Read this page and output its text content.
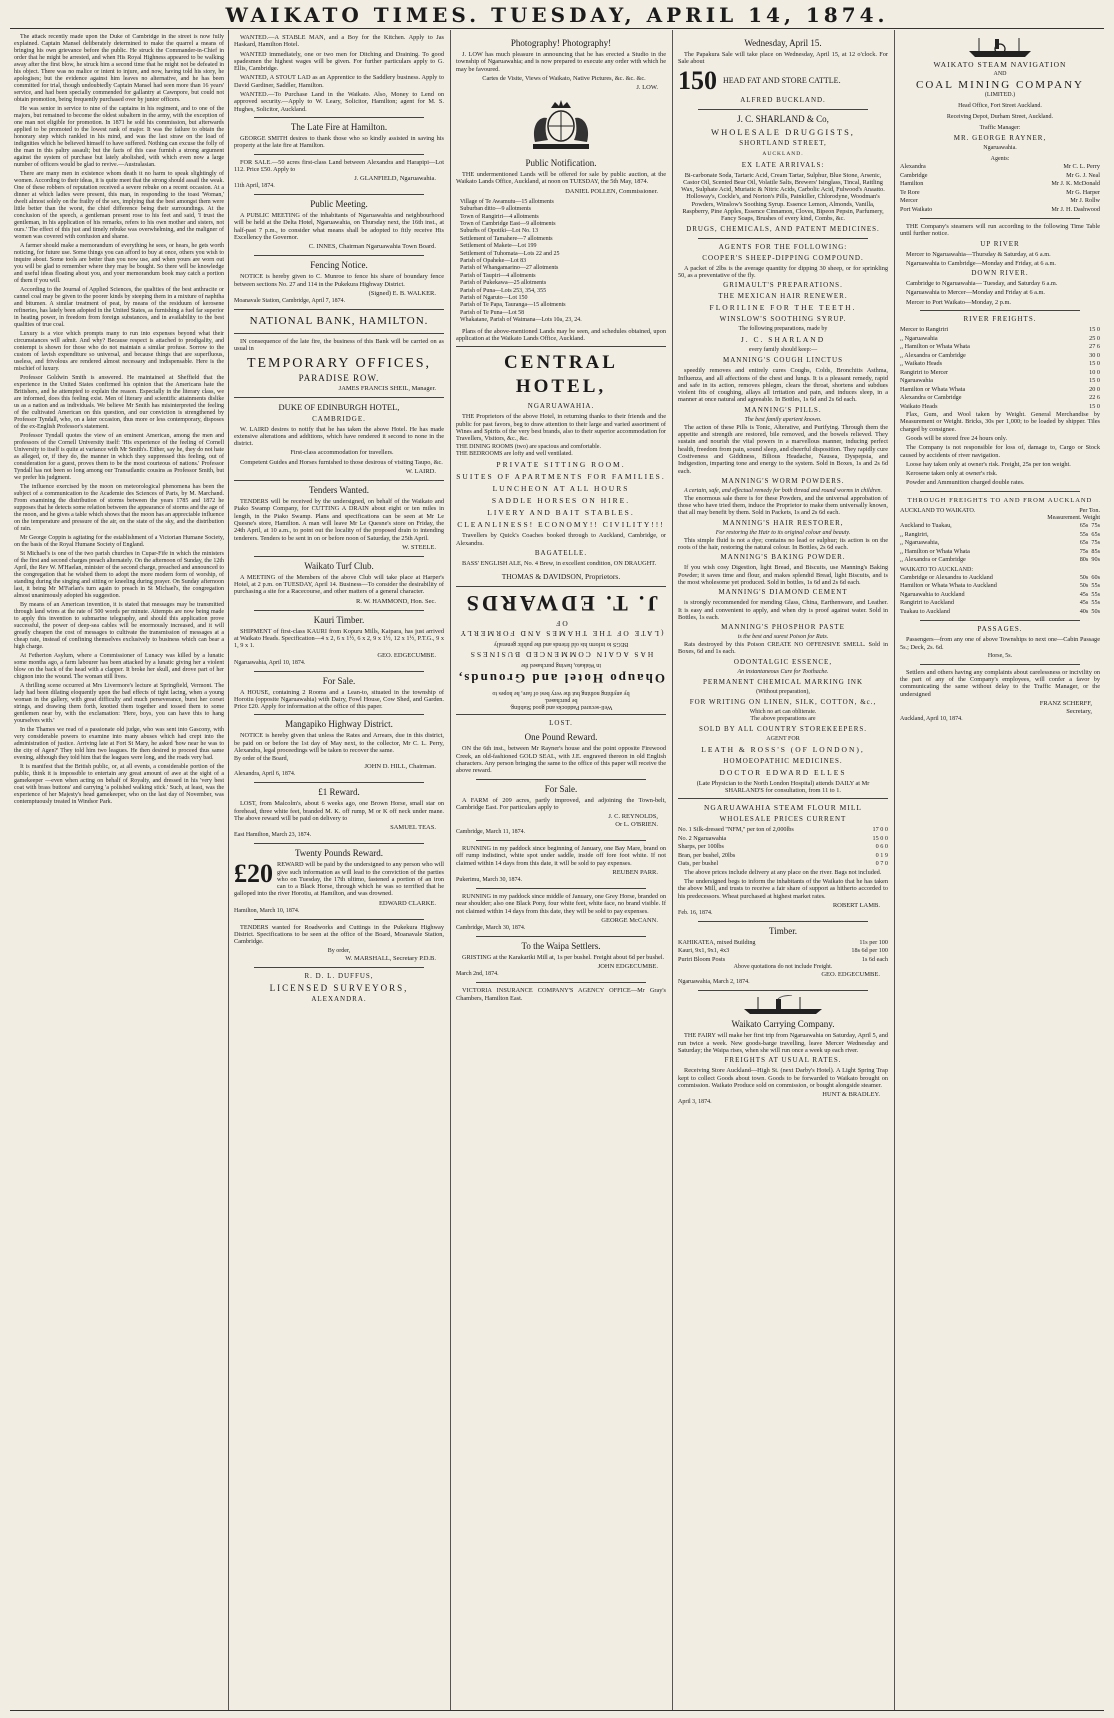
WAIKATO TIMES. TUESDAY, APRIL 14, 1874.

The attack recently made upon the Duke of Cambridge in the street is now fully explained. Captain Mansel deliberately determined to make the quarrel a means of bringing his own grievance before the public. He struck the Commander-in-Chief in order that he might be arrested, and when His Royal Highness appeared to be walking away after the first blow, he struck him a second time that he might not be defeated in his object. There was no malice or intent to injure, and now, having told his story, he apologises; but the evidence against him leaves no alternative, and he has been committed for trial, though undoubtedly Captain Mansel had seen more than 16 years' service, and had been specially commended for gallantry at Cawnpore, but could not obtain promotion, being frequently purchased over by junior officers.

He was senior in service to nine of the captains in his regiment, and to one of the majors, but remained to become the oldest subaltern in the army, with the exception of one man not eligible for promotion. In 1871 he sold his commission, but afterwards applied to be promoted to the lowest rank of major. It was the failure to obtain the honorary step which rankled in his mind, and was the last straw on the load of indignities which he believed himself to have suffered. Nothing can excuse the folly of the man in this paltry assault; but the facts of this case furnish a strong argument against the system of purchase but lately abolished, with which even now a large number of officers would be glad to revive.—Australasian.

There are many men in existence whom death it no harm to speak slightingly of women. According to their ideas, it is quite meet that the strong should assail the weak. One of these robbers of reputation received a severe rebuke on a recent occasion. At a dinner at which ladies were present, this man, in responding to the toast 'Woman,' dwelt almost solely on the frailty of the sex, implying that the best amongst them were little better than the worst, the chief difference being their surroundings. At the conclusion of the speech, a gentleman present rose to his feet and said, 'I trust the gentleman, in his application of his remarks, refers to his own mother and sisters, not ours.' The effect of this just and timely rebuke was overwhelming, and the maligner of women was covered with confusion and shame.

A farmer should make a memorandum of everything he sees, or hears, he gets worth noticing, for future use. Some things you can afford to buy at once, others you wish to inquire about. Some tools are better than you now use, and when yours are worn out you will be glad to remember where they may be bought. So there will be knowledge and useful ideas floating about you, and your memorandum book may catch a portion of them if you will.

According to the Journal of Applied Sciences, the qualities of the best anthracite or cannel coal may be given to the poorer kinds by steeping them in a mixture of naphtha and bitumen. A similar treatment of peat, by means of the residuum of kerosene refineries, has lately been adopted in the United States, as furnishing a fuel far superior in heating power, in freedom from foreign substances, and in availability to the best qualities of true coal.

Luxury is a vice which prompts many to run into expenses beyond what their circumstances will admit. And why? Because respect is attached to prodigality, and contempt is shown for those who do not maintain a similar profuse. Sorrow to the custom of lavish expenditure so universal, and because things that are superfluous, useless, and frivolous are rendered almost necessary and indispensable. Here is the mischief of luxury.

Professor Goldwin Smith is answered. He maintained at Sheffield that the experience in the United States confirmed his opinion that the Americans hate the Britishers, and he attempted to explain the reason. Especially in the literary class, we are informed, does this feeling exist. Men of literary and scientific attainments dislike us as a nation and as individuals. We believe Mr Smith has misinterpreted the feeling of the cultivated American on this question, and our conviction is strengthened by Professor Tyndall, who, on a later occasion, thus more or less contemporary, disposes of the ex-English Professor's statement.

Professor Tyndall quotes the view of an eminent American, among the men and professors of the Cornell University itself: 'His experience of the feeling of Cornell University to itself is quite at variance with Mr Smith's. Either, say he, they do not hate as alleged, or, if they do, the manner in which they suppressed this feeling, out of consideration for a guest, proves them to be the most courteous of nations.' Professor Tyndall has not been so long among our Transatlantic cousins as Professor Smith, but we prefer his judgment.

The influence exercised by the moon on meteorological phenomena has been the subject of a communication to the Academie des Sciences of Paris, by M. Marchand. From examining the distribution of storms between the years 1785 and 1872 he supposes that he detects some relation between the appearance of storms and the age of the moon, and he gives a table which shows that the moon has an appreciable influence on the temperature and pressure of the air, on the state of the sky, and the distribution of rain.

Mr George Coppin is agitating for the establishment of a Victorian Humane Society, on the basis of the Royal Humane Society of England.

St Michael's is one of the two parish churches in Cupar-Fife in which the ministers of the first and second charges preach alternately. On the afternoon of Sunday, the 12th April, the Rev W. M'Haelan, minister of the second charge, preached and announced to the congregation that he wished them to adopt the more modern form of worship, of standing during the singing and sitting or kneeling during prayer. On Sunday afternoon last, it being Mr M'Farlan's turn again to preach in St Michael's, the congregation almost unanimously adopted his suggestion.

By means of an American invention, it is stated that messages may be transmitted through land wires at the rate of 500 words per minute. Attempts are now being made to apply this invention to submarine telegraphy, and should this application prove successful, the power of deep-sea cables will be enormously increased, and it will greatly cheapen the cost of messages to cultivate the transmission of messages at a cheap rate, instead of confining themselves exclusively to business which can bear a high charge.

At Fetherton Asylum, where a Commissioner of Lunacy was killed by a lunatic some months ago, a farm labourer has been attacked by a lunatic giving her a violent blow on the back of the head with a clapper. It broke her skull, and drove part of her chignon into the wound. The woman still lives.

A thrilling scene occurred at Mrs Livermore's lecture at Springfield, Vermont. The lady had been dilating eloquently upon the bad effects of tight lacing, when a young woman in the gallery, with great difficulty and much perseverance, burst her corset strings, and drawing them forth, knotted them together and tossed them to some gentlemen near by, with the exclamation: 'Here, boys, you can have this to hang yourselves with.'

In the Thames we read of a passionate old judge, who was sent into Gascony, with very considerable powers to examine into many abuses which had crept into the administration of justice. Arriving late at Fort St Mary, he asked 'how near he was to the city of Agen?' They told him two leagues. He then desired to proceed thus same evening, although they told him that the leagues were long, and the roads very bad.

It is manifest that the British public, or, at all events, a considerable portion of the public, think it is impossible to entertain any great amount of awe at the sight of a gamekeeper —even when acting on behalf of Royalty, and dressed in his 'very best coat with brass buttons' and carrying 'a polished walking stick.' Such, at least, was the experience of her Majesty's head gamekeeper, who on the last day of November, was contemptuously treated in Windsor Park.

WANTED.—A STABLE MAN, and a Boy for the Kitchen. Apply to Jas Haskard, Hamilton Hotel.

WANTED immediately, one or two men for Ditching and Draining. To good spadesmen the highest wages will be given. For further particulars apply to G. Ellis, Cambridge.

WANTED, A STOUT LAD as an Apprentice to the Saddlery business. Apply to David Gardiner, Saddler, Hamilton.

WANTED.—To Purchase Land in the Waikato. Also, Money to Lend on approved security.—Apply to W. Leary, Solicitor, Hamilton; agent for M. S. Hughes, Solicitor, Auckland.

The Late Fire at Hamilton.

GEORGE SMITH desires to thank those who so kindly assisted in saving his property at the late fire at Hamilton.

FOR SALE.—50 acres first-class Land between Alexandra and Harapipi—Lot 112. Price £50. Apply to

J. GLANFIELD, Ngaruawahia.
11th April, 1874.
Public Meeting.

A PUBLIC MEETING of the inhabitants of Ngaruawahia and neighbourhood will be held at the Delta Hotel, Ngaruawahia, on Thursday next, the 16th inst., at half-past 7 p.m., to consider what means shall be adopted to fitly receive His Excellency the Governor.

C. INNES, Chairman Ngaruawahia Town Board.
Fencing Notice.

NOTICE is hereby given to C. Munroe to fence his share of boundary fence between sections No. 27 and 114 in the Pukekura Highway District.

(Signed) E. B. WALKER.
Moanavale Station, Cambridge, April 7, 1874.
NATIONAL BANK, HAMILTON.

IN consequence of the late fire, the business of this Bank will be carried on as usual in

TEMPORARY OFFICES,
PARADISE ROW.
JAMES FRANCIS SHEIL, Manager.
DUKE OF EDINBURGH HOTEL,
CAMBRIDGE.

W. LAIRD desires to notify that he has taken the above Hotel. He has made extensive alterations and additions, which have rendered it second to none in the district.

First-class accommodation for travellers.

Competent Guides and Horses furnished to those desirous of visiting Taupo, &c.

W. LAIRD.
Tenders Wanted.

TENDERS will be received by the undersigned, on behalf of the Waikato and Piako Swamp Company, for CUTTING A DRAIN about eight or ten miles in length, in the Piako Swamp. Plans and specifications can be seen at Mr Le Quesne's store, Hamilton. A man will leave Mr Le Quesne's store on Friday, the 24th April, at 10 a.m., to point out the locality of the proposed drain to intending tenderers. Tenders to be sent in on or before noon of Saturday, the 25th April.

W. STEELE.
Waikato Turf Club.

A MEETING of the Members of the above Club will take place at Harper's Hotel, at 2 p.m. on TUESDAY, April 14. Business—To consider the desirability of purchasing a site for a Racecourse, and other matters of a general character.

R. W. HAMMOND, Hon. Sec.
Kauri Timber.

SHIPMENT of first-class KAURI from Kopuru Mills, Kaipara, has just arrived at Waikato Heads. Specification—4 x 2, 6 x 1½, 6 x 2, 9 x 1½, 12 x 1½, P.T.G., 9 x 1, 9 x 1.

GEO. EDGECUMBE.
Ngaruawahia, April 10, 1874.
For Sale.

A HOUSE, containing 2 Rooms and a Lean-to, situated in the township of Horotiu (opposite Ngaruawahia) with Dairy, Fowl House, Cow Shed, and Garden. Price £20. Apply for information at the office of this paper.

Mangapiko Highway District.

NOTICE is hereby given that unless the Rates and Arrears, due in this district, be paid on or before the 1st day of May next, to the collector, Mr C. L. Perry, Alexandra, legal proceedings will be taken to recover the same.

By order of the Board,
JOHN D. HILL, Chairman.
Alexandra, April 6, 1874.
£1 Reward.

LOST, from Malcolm's, about 6 weeks ago, one Brown Horse, small star on forehead, three white feet, branded M. K. off rump, M or K off neck under mane. The above reward will be paid on delivery to

SAMUEL TEAS.
East Hamilton, March 23, 1874.
Twenty Pounds Reward.
£20 REWARD will be paid by the undersigned to any person who will give such information as will lead to the conviction of the parties who on Tuesday, the 17th ultimo, fastened a portion of an iron can to a Black Horse, through which he was so terrified that he galloped into the river Horotiu, at Hamilton, and was drowned.

EDWARD CLARKE.
Hamilton, March 10, 1874.

TENDERS wanted for Roadworks and Cuttings in the Pukekura Highway District. Specifications to be seen at the office of the Board, Moanavale Station, Cambridge.

By order,
W. MARSHALL, Secretary P.D.B.
R. D. L. DUFFUS,
LICENSED SURVEYORS,
ALEXANDRA.
Photography! Photography!

J. LOW has much pleasure in announcing that he has erected a Studio in the township of Ngaruawahia; and is now prepared to execute any order with which he may be favoured.

Cartes de Visite, Views of Waikato, Native Pictures, &c. &c. &c.

J. LOW.
Public Notification.

THE undermentioned Lands will be offered for sale by public auction, at the Waikato Lands Office, Auckland, at noon on TUESDAY, the 5th May, 1874.

DANIEL POLLEN, Commissioner.
Village of Te Awamutu—15 allotments
Suburban ditto—9 allotments
Town of Rangiriri—4 allotments
Town of Cambridge East—9 allotments
Suburbs of Opotiki—Lot No. 13
Settlement of Tamahere—7 allotments
Settlement of Makete—Lot 199
Settlement of Tuhomata—Lots 22 and 25
Parish of Opaheke—Lot 83
Parish of Whangamarino—27 allotments
Parish of Taupiri—4 allotments
Parish of Pukekawa—25 allotments
Parish of Puna—Lots 253, 354, 355
Parish of Ngaruto—Lot 150
Parish of Te Papa, Tauranga—15 allotments
Parish of Te Puna—Lot 58
Whakatane, Parish of Waimana—Lots 10a, 23, 24.

Plans of the above-mentioned Lands may be seen, and schedules obtained, upon application at the Waikato Lands Office, Auckland.

CENTRAL HOTEL,
NGARUAWAHIA.

THE Proprietors of the above Hotel, in returning thanks to their friends and the public for past favors, beg to draw attention to their large and varied assortment of Wines and Spirits of the very best brands, also to their superior accommodation for Travellers, Visitors, &c., &c.

THE DINING ROOMS (two) are spacious and comfortable.
THE BEDROOMS are lofty and well ventilated.
PRIVATE SITTING ROOM.
SUITES OF APARTMENTS FOR FAMILIES.
LUNCHEON AT ALL HOURS
SADDLE HORSES ON HIRE.
LIVERY AND BAIT STABLES.
CLEANLINESS! ECONOMY!! CIVILITY!!!

Travellers by Quick's Coaches booked through to Auckland, Cambridge, or Alexandra.

BAGATELLE.

BASS' ENGLISH ALE, No. 4 Brew, in excellent condition, ON DRAUGHT.

THOMAS & DAVIDSON, Proprietors.
Well-secured Paddocks and good Stabling.
be purchased.
by anything nothing but the very best of fare, he hopes to
Ohaupo Hotel and Grounds,
in Waikato, having purchased the
HAS AGAIN COMMENCED BUSINESS
BEGS to inform his old friends and the public generally
(LATE OF THE THAMES AND FORMERLY OF
J. T. EDWARDS
LOST.
One Pound Reward.

ON the 6th inst., between Mr Rayner's house and the point opposite Firewood Creek, an old-fashioned GOLD SEAL, with J.E. engraved thereon in old English characters. Any person bringing the same to the office of this paper will receive the above reward.

For Sale.

A FARM of 209 acres, partly improved, and adjoining the Town-belt, Cambridge East. For particulars apply to

J. C. REYNOLDS,
Or L. O'BRIEN.
Cambridge, March 11, 1874.

RUNNING in my paddock since beginning of January, one Bay Mare, brand on off rump indistinct, white spot under saddle, inside off fore foot white. If not claimed within 14 days from this date, it will be sold to pay expenses.

REUBEN PARR.
Pukerimu, March 30, 1874.

RUNNING in my paddock since middle of January, one Grey Horse, branded on near shoulder; also one Black Pony, four white feet, white face, no brand visible. If not claimed within 14 days from this date, they will be sold to pay expenses.

GEORGE McCANN.
Cambridge, March 30, 1874.
To the Waipa Settlers.

GRISTING at the Karakariki Mill at, 1s per bushel. Freight about 6d per bushel.

JOHN EDGECUMBE.
March 2nd, 1874.

VICTORIA INSURANCE COMPANY'S AGENCY OFFICE—Mr Gray's Chambers, Hamilton East.

Wednesday, April 15.

The Papakura Sale will take place on Wednesday, April 15, at 12 o'clock. For Sale about

150 HEAD FAT AND STORE CATTLE.
ALFRED BUCKLAND.
J. C. SHARLAND & Co,
WHOLESALE DRUGGISTS,
SHORTLAND STREET,
AUCKLAND.
EX LATE ARRIVALS:

Bi-carbonate Soda, Tartaric Acid, Cream Tartar, Sulphur, Blue Stone, Arsenic, Castor Oil, Scented Bear Oil, Volatile Salts, Brewers' Isinglass, Tincal, Rattling Wax, Sulphate Acid, Muriatic & Nitric Acids, Carbolic Acid, Fulwood's Anaatto. Holloway's, Cockle's, and Norton's Pills, Painkiller, Chlorodyne, Woodman's Powders, Winslow's Soothing Syrup. Essence Lemon, Almonds, Vanilla, Raspberry, Pine Apples, Essence Cinnamon, Cloves, Bipeon Pepsin, Parfumery, Fancy Soaps, Brushes of every kind, Combs, &c.

DRUGS, CHEMICALS, AND PATENT MEDICINES.
AGENTS FOR THE FOLLOWING:
COOPER'S SHEEP-DIPPING COMPOUND.

A packet of 2lbs is the average quantity for dipping 30 sheep, or for sprinkling 50, as a preventative of the fly.

GRIMAULT'S PREPARATIONS.
THE MEXICAN HAIR RENEWER.
FLORILINE FOR THE TEETH.
WINSLOW'S SOOTHING SYRUP.
The following preparations, made by
J. C. SHARLAND
every family should keep:—
MANNING'S COUGH LINCTUS

speedily removes and entirely cures Coughs, Colds, Bronchitis Asthma, Influenza, and all affections of the chest and lungs. It is a pleasant remedy, rapid and safe in its action, removes phlegm, clears the throat, shortens and subdues violent fits of coughing, allays all irritation and pain, and induces sleep, in a manner at once natural and agreeable. In Bottles, 1s 6d and 2s 6d each.

MANNING'S PILLS.
The best family aperient known.

The action of these Pills is Tonic, Alterative, and Purifying. Through them the appetite and strength are restored, bile removed, and the bowels relieved. They sustain and nourish the vital powers in a marvellous manner, inducing perfect health, freedom from pain, sound sleep, and cheerful disposition. They rapidly cure Costiveness and Giddiness, Bilious Headache, Nausea, Dyspepsia, and Indigestion, imparting tone and energy to the system. Sold in Boxes, 1s and 2s 6d each.

MANNING'S WORM POWDERS.
A certain, safe, and effectual remedy for both thread and round worms in children.

The enormous sale there is for these Powders, and the universal approbation of those who have tried them, induce the Proprietor to make them universally known, that all may benefit by them. Sold in Packets, 1s and 2s 6d each.

MANNING'S HAIR RESTORER,
For restoring the Hair to its original colour and beauty.

This simple fluid is not a dye; contains no lead or sulphur; its action is on the roots of the hair, restoring the natural colour. In Bottles, 2s 6d each.

MANNING'S BAKING POWDER.

If you wish cosy Digestion, light Bread, and Biscuits, use Manning's Baking Powder; it saves time and flour, and makes splendid Bread, light Biscuits, and is the most wholesome yet produced. Sold in bottles, 1s 6d and 2s 6d each.

MANNING'S DIAMOND CEMENT

is strongly recommended for mending Glass, China, Earthenware, and Leather. It is easy and convenient to apply, and when dry is proof against water. Sold in Bottles, 1s each.

MANNING'S PHOSPHOR PASTE
is the best and surest Poison for Rats.

Rats destroyed by this Poison CREATE NO OFFENSIVE SMELL. Sold in Boxes, 6d and 1s each.

ODONTALGIC ESSENCE,
An instantaneous Cure for Toothache.
PERMANENT CHEMICAL MARKING INK
(Without preparation),
FOR WRITING ON LINEN, SILK, COTTON, &c.,
Which no art can obliterate.
The above preparations are
SOLD BY ALL COUNTRY STOREKEEPERS.
AGENT FOR
LEATH & ROSS'S (OF LONDON),
HOMOEOPATHIC MEDICINES.
DOCTOR EDWARD ELLES

(Late Physician to the North London Hospital) attends DAILY at Mr SHARLAND'S for consultation, from 11 to 1.

NGARUAWAHIA STEAM FLOUR MILL
WHOLESALE PRICES CURRENT
No. 1 Silk-dressed "NFM," per ton of 2,000lbs	17 0 0
No. 2 Ngaruawahia	15 0 0
Sharps, per 100lbs	0 6 0
Bran, per bushel, 20lbs	0 1 9
Oats, per bushel	0 7 0

The above prices include delivery at any place on the river. Bags not included.

The undersigned begs to inform the inhabitants of the Waikato that he has taken the above Mill, and trusts to receive a fair share of support as hitherto accorded to his predecessors. Wheat purchased at highest market rates.

ROBERT LAMB.
Feb. 16, 1874.
Timber.
KAHIKATEA, mixed Building	11s per 100
Kauri, 9x1, 9x1, 4x3	18s 6d per 100
Puriri Bloom Posts	1s 6d each
Above quotations do not include Freight.
GEO. EDGECUMBE.
Ngaruawahia, March 2, 1874.
Waikato Carrying Company.

THE FAIRY will make her first trip from Ngaruawahia on Saturday, April 5, and run twice a week. New goods-barge travelling, leave Mercer Wednesday and Saturday; the Waipa rises, when she will run once a week up each river.

FREIGHTS AT USUAL RATES.

Receiving Store Auckland—High St. (next Darby's Hotel). A Light Spring Trap kept to collect Goods about town. Goods to be forwarded to Waikato brought on commission. Waikato Produce sold on commission, or bought alongside steamer.

HUNT & BRADLEY.
April 3, 1874.
WAIKATO STEAM NAVIGATION
AND
COAL MINING COMPANY
(LIMITED.)
Head Office, Fort Street Auckland.
Receiving Depot, Durham Street, Auckland.
Traffic Manager:
MR. GEORGE RAYNER,
Ngaruawahia.
Agents:
Alexandra	Mr C. L. Perry
Cambridge	Mr G. J. Neal
Hamilton	Mr J. K. McDonald
Te Rore	Mr G. Harper
Mercer	Mr J. Rollw
Port Waikato	Mr J. H. Dashwood

THE Company's steamers will run according to the following Time Table until further notice.

UP RIVER

Mercer to Ngaruawahia—Thursday & Saturday, at 6 a.m.

Ngaruawahia to Cambridge—Monday and Friday, at 6 a.m.

DOWN RIVER.

Cambridge to Ngaruawahia— Tuesday, and Saturday 6 a.m.

Ngaruawahia to Mercer—Monday and Friday at 6 a.m.

Mercer to Port Waikato—Monday, 2 p.m.

RIVER FREIGHTS.
Mercer to Rangiriri	15 0
,, Ngaruawahia	25 0
,, Hamilton or Whata Whata	27 6
,, Alexandra or Cambridge	30 0
,, Waikato Heads	15 0
Rangiriri to Mercer	10 0
Ngaruawahia	15 0
Hamilton or Whata Whata	20 0
Alexandra or Cambridge	22 6
Waikato Heads	15 0

Flax, Gum, and Wool taken by Weight. General Merchandise by Measurement or Weight. Bricks, 30s per 1,000; to be loaded by shipper. Tiles charged by consignee.

Goods will be stored free 24 hours only.

The Company is not responsible for loss of, damage to, Cargo or Stock caused by accidents of river navigation.

Loose hay taken only at owner's risk. Freight, 25s per ton weight.

Kerosene taken only at owner's risk.

Powder and Ammunition charged double rates.

THROUGH FREIGHTS TO AND FROM AUCKLAND
AUCKLAND TO WAIKATO.	Per Ton.
Measurement. Weight
Auckland to Tuakau,	65s 75s
,, Rangiriri,	55s 65s
,, Ngaruawahia,	65s 75s
,, Hamilton or Whata Whata	75s 85s
,, Alexandra or Cambridge	80s 90s
WAIKATO TO AUCKLAND:
Cambridge or Alexandra to Auckland	50s 60s
Hamilton or Whata Whata to Auckland	50s 55s
Ngaruawahia to Auckland	45s 55s
Rangiriri to Auckland	45s 55s
Tuakau to Auckland	40s 50s
PASSAGES.

Passengers—from any one of above Townships to next one—Cabin Passage 5s.; Deck, 2s. 6d.

Horse, 5s.

Settlers and others having any complaints about carelessness or incivility on the part of any of the Company's employees, will confer a favor by communicating the same without delay to the Traffic Manager, or the undersigned

FRANZ SCHERFF,
Secretary,
Auckland, April 10, 1874.
